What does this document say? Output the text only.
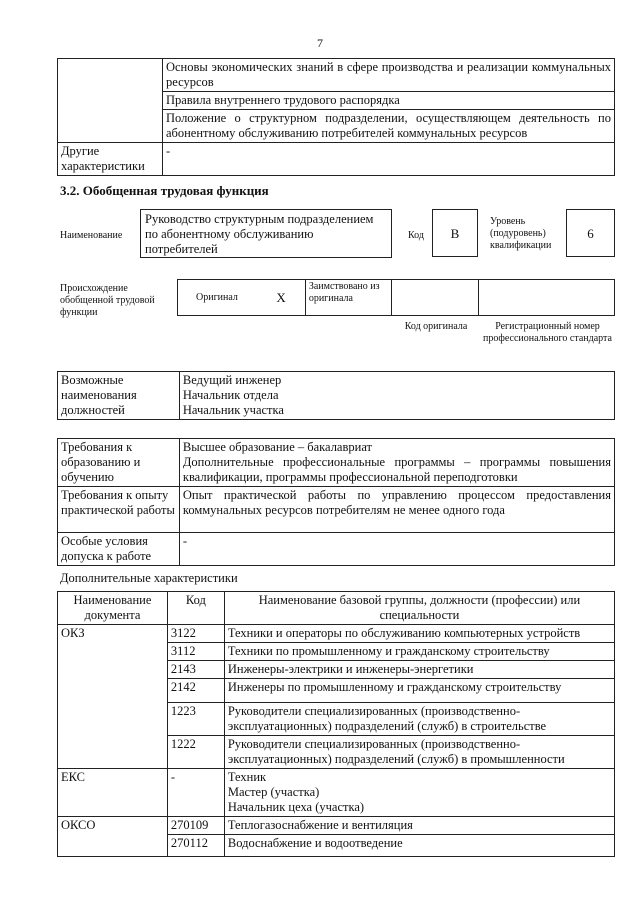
7
	Основы экономических знаний в сфере производства и реализации коммунальных ресурсов
	Правила внутреннего трудового распорядка
	Положение о структурном подразделении, осуществляющем деятельность по абонентному обслуживанию потребителей коммунальных ресурсов
Другие характеристики	-
3.2. Обобщенная трудовая функция
Наименование
Руководство структурным подразделением по абонентному обслуживанию потребителей
Код	В
Уровень (подуровень) квалификации
6
Происхождение обобщенной трудовой функции
Оригинал	Х	Заимствовано из оригинала		
Код оригинала	Регистрационный номер профессионального стандарта
Возможные наименования должностей	
Ведущий инженер
Начальник отдела
Начальник участка
Требования к образованию и обучению	Высшее образование – бакалавриат
Дополнительные профессиональные программы – программы повышения квалификации, программы профессиональной переподготовки

Требования к опыту практической работы	Опыт практической работы по управлению процессом предоставления коммунальных ресурсов потребителям не менее одного года
Особые условия допуска к работе	-
Дополнительные характеристики
Наименование документа	Код	Наименование базовой группы, должности (профессии) или специальности
ОКЗ	3122	Техники и операторы по обслуживанию компьютерных устройств
	3112	Техники по промышленному и гражданскому строительству
	2143	Инженеры-электрики и инженеры-энергетики
	2142	Инженеры по промышленному и гражданскому строительству
	1223	Руководители специализированных (производственно-эксплуатационных) подразделений (служб) в строительстве
	1222	Руководители специализированных (производственно-эксплуатационных) подразделений (служб) в промышленности
ЕКС	-	Техник
Мастер (участка)
Начальник цеха (участка)

ОКСО	270109	Теплогазоснабжение и вентиляция
	270112	Водоснабжение и водоотведение
